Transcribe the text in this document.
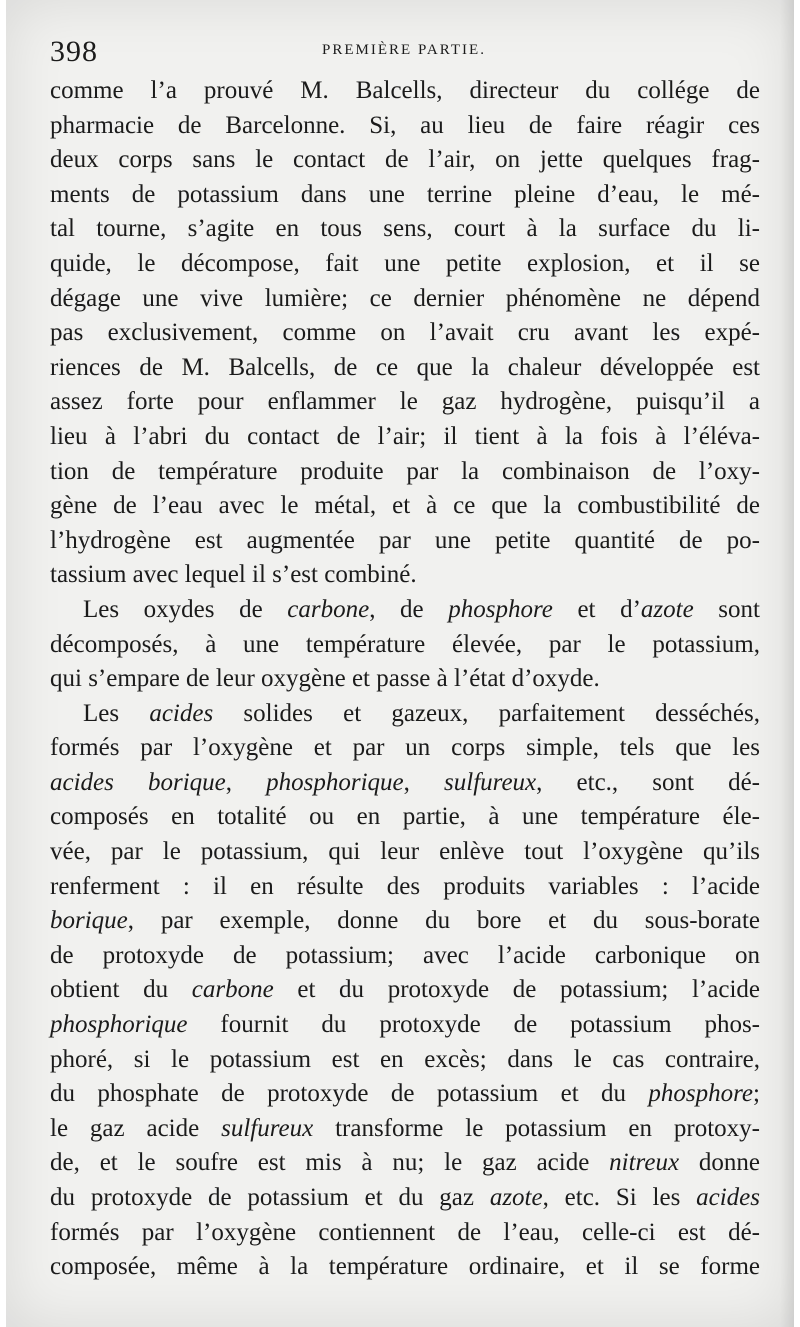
398	PREMIÈRE PARTIE.
comme l’a prouvé M. Balcells, directeur du collége de
pharmacie de Barcelonne. Si, au lieu de faire réagir ces
deux corps sans le contact de l’air, on jette quelques frag-
ments de potassium dans une terrine pleine d’eau, le mé-
tal tourne, s’agite en tous sens, court à la surface du li-
quide, le décompose, fait une petite explosion, et il se
dégage une vive lumière; ce dernier phénomène ne dépend
pas exclusivement, comme on l’avait cru avant les expé-
riences de M. Balcells, de ce que la chaleur développée est
assez forte pour enflammer le gaz hydrogène, puisqu’il a
lieu à l’abri du contact de l’air; il tient à la fois à l’éléva-
tion de température produite par la combinaison de l’oxy-
gène de l’eau avec le métal, et à ce que la combustibilité de
l’hydrogène est augmentée par une petite quantité de po-
tassium avec lequel il s’est combiné.
Les oxydes de carbone, de phosphore et d’azote sont
décomposés, à une température élevée, par le potassium,
qui s’empare de leur oxygène et passe à l’état d’oxyde.
Les acides solides et gazeux, parfaitement desséchés,
formés par l’oxygène et par un corps simple, tels que les
acides borique, phosphorique, sulfureux, etc., sont dé-
composés en totalité ou en partie, à une température éle-
vée, par le potassium, qui leur enlève tout l’oxygène qu’ils
renferment : il en résulte des produits variables : l’acide
borique, par exemple, donne du bore et du sous-borate
de protoxyde de potassium; avec l’acide carbonique on
obtient du carbone et du protoxyde de potassium; l’acide
phosphorique fournit du protoxyde de potassium phos-
phoré, si le potassium est en excès; dans le cas contraire,
du phosphate de protoxyde de potassium et du phosphore;
le gaz acide sulfureux transforme le potassium en protoxy-
de, et le soufre est mis à nu; le gaz acide nitreux donne
du protoxyde de potassium et du gaz azote, etc. Si les acides
formés par l’oxygène contiennent de l’eau, celle-ci est dé-
composée, même à la température ordinaire, et il se forme
